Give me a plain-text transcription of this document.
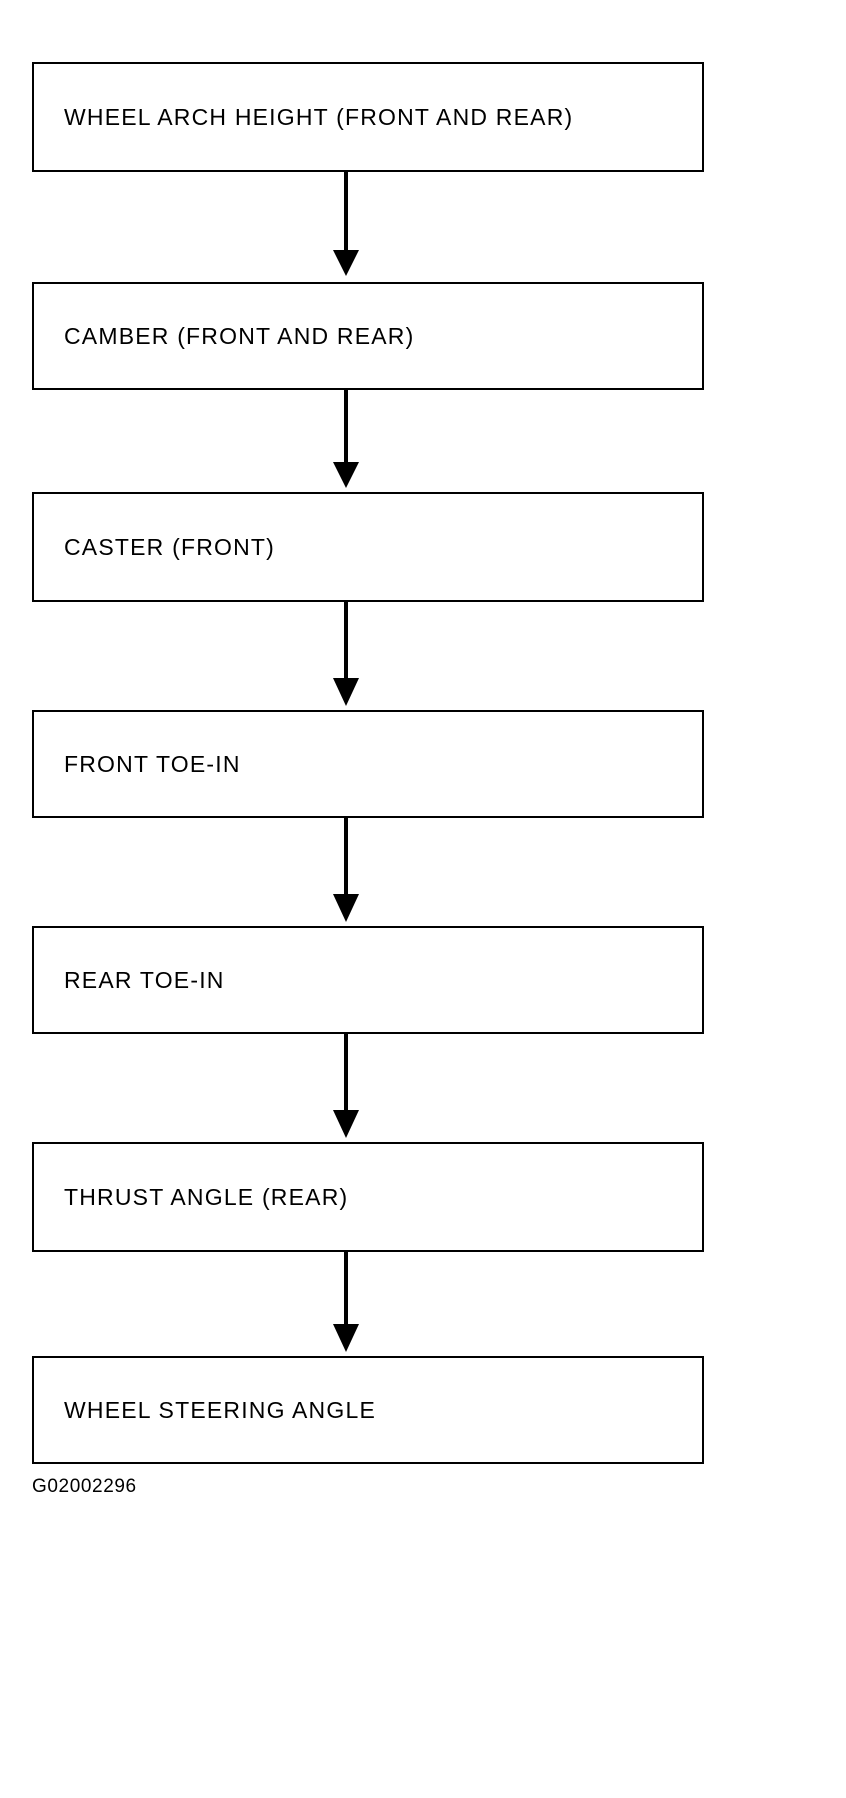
WHEEL ARCH HEIGHT (FRONT AND REAR)
CAMBER (FRONT AND REAR)
CASTER (FRONT)
FRONT TOE-IN
REAR TOE-IN
THRUST ANGLE (REAR)
WHEEL STEERING ANGLE
G02002296
